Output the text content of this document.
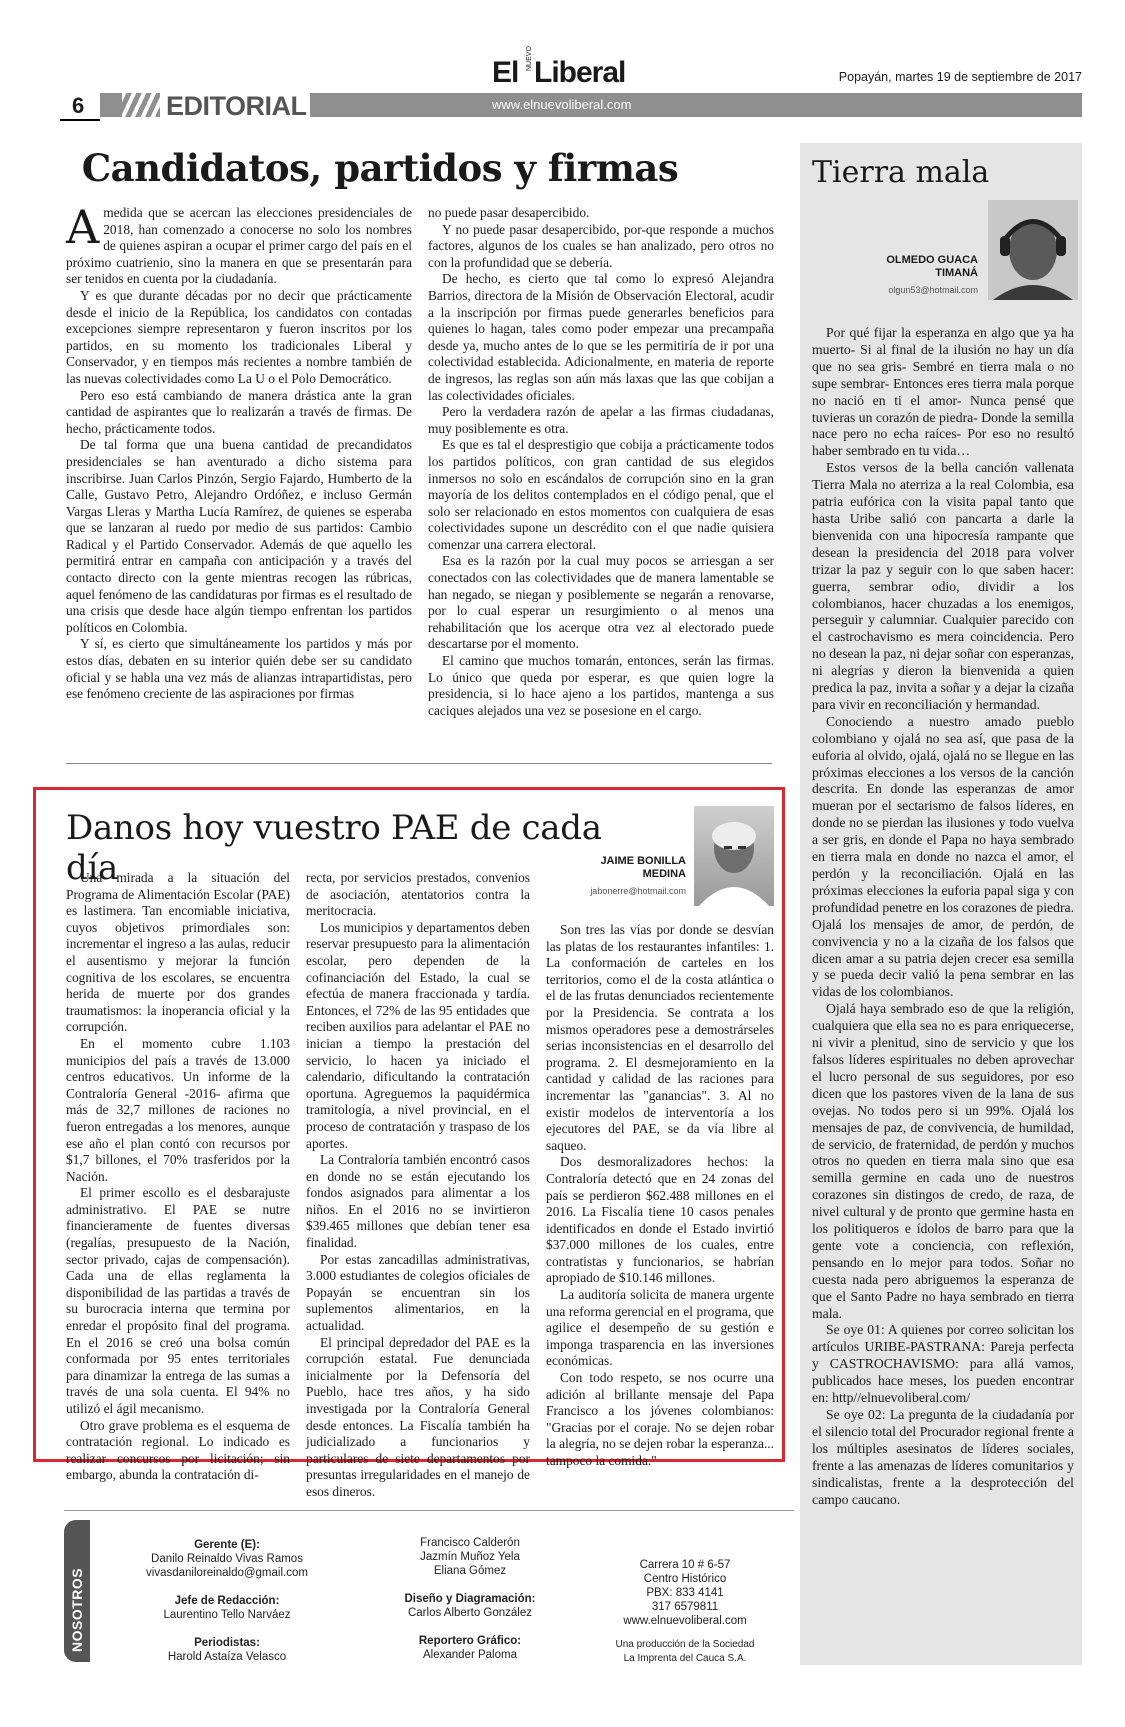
El NUEVO Liberal	Popayán, martes 19 de septiembre de 2017
6	EDITORIAL	www.elnuevoliberal.com
Candidatos, partidos y firmas
A medida que se acercan las elecciones presidenciales de 2018, han comenzado a conocerse no solo los nombres de quienes aspiran a ocupar el primer cargo del país en el próximo cuatrienio, sino la manera en que se presentarán para ser tenidos en cuenta por la ciudadanía.

Y es que durante décadas por no decir que prácticamente desde el inicio de la República, los candidatos con contadas excepciones siempre representaron y fueron inscritos por los partidos, en su momento los tradicionales Liberal y Conservador, y en tiempos más recientes a nombre también de las nuevas colectividades como La U o el Polo Democrático.

Pero eso está cambiando de manera drástica ante la gran cantidad de aspirantes que lo realizarán a través de firmas. De hecho, prácticamente todos.

De tal forma que una buena cantidad de precandidatos presidenciales se han aventurado a dicho sistema para inscribirse. Juan Carlos Pinzón, Sergio Fajardo, Humberto de la Calle, Gustavo Petro, Alejandro Ordóñez, e incluso Germán Vargas Lleras y Martha Lucía Ramírez, de quienes se esperaba que se lanzaran al ruedo por medio de sus partidos: Cambio Radical y el Partido Conservador. Además de que aquello les permitirá entrar en campaña con anticipación y a través del contacto directo con la gente mientras recogen las rúbricas, aquel fenómeno de las candidaturas por firmas es el resultado de una crisis que desde hace algún tiempo enfrentan los partidos políticos en Colombia.

Y sí, es cierto que simultáneamente los partidos y más por estos días, debaten en su interior quién debe ser su candidato oficial y se habla una vez más de alianzas intrapartidistas, pero ese fenómeno creciente de las aspiraciones por firmas

no puede pasar desapercibido.

Y no puede pasar desapercibido, por-que responde a muchos factores, algunos de los cuales se han analizado, pero otros no con la profundidad que se debería.

De hecho, es cierto que tal como lo expresó Alejandra Barrios, directora de la Misión de Observación Electoral, acudir a la inscripción por firmas puede generarles beneficios para quienes lo hagan, tales como poder empezar una precampaña desde ya, mucho antes de lo que se les permitiría de ir por una colectividad establecida. Adicionalmente, en materia de reporte de ingresos, las reglas son aún más laxas que las que cobijan a las colectividades oficiales.

Pero la verdadera razón de apelar a las firmas ciudadanas, muy posiblemente es otra.

Es que es tal el desprestigio que cobija a prácticamente todos los partidos políticos, con gran cantidad de sus elegidos inmersos no solo en escándalos de corrupción sino en la gran mayoría de los delitos contemplados en el código penal, que el solo ser relacionado en estos momentos con cualquiera de esas colectividades supone un descrédito con el que nadie quisiera comenzar una carrera electoral.

Esa es la razón por la cual muy pocos se arriesgan a ser conectados con las colectividades que de manera lamentable se han negado, se niegan y posiblemente se negarán a renovarse, por lo cual esperar un resurgimiento o al menos una rehabilitación que los acerque otra vez al electorado puede descartarse por el momento.

El camino que muchos tomarán, entonces, serán las firmas. Lo único que queda por esperar, es que quien logre la presidencia, si lo hace ajeno a los partidos, mantenga a sus caciques alejados una vez se posesione en el cargo.

Danos hoy vuestro PAE de cada día	JAIME BONILLA
MEDINA
jabonerre@hotmail.com

Una mirada a la situación del Programa de Alimentación Escolar (PAE) es lastimera. Tan encomiable iniciativa, cuyos objetivos primordiales son: incrementar el ingreso a las aulas, reducir el ausentismo y mejorar la función cognitiva de los escolares, se encuentra herida de muerte por dos grandes traumatismos: la inoperancia oficial y la corrupción.

En el momento cubre 1.103 municipios del país a través de 13.000 centros educativos. Un informe de la Contraloría General -2016- afirma que más de 32,7 millones de raciones no fueron entregadas a los menores, aunque ese año el plan contó con recursos por $1,7 billones, el 70% trasferidos por la Nación.

El primer escollo es el desbarajuste administrativo. El PAE se nutre financieramente de fuentes diversas (regalías, presupuesto de la Nación, sector privado, cajas de compensación). Cada una de ellas reglamenta la disponibilidad de las partidas a través de su burocracia interna que termina por enredar el propósito final del programa. En el 2016 se creó una bolsa común conformada por 95 entes territoriales para dinamizar la entrega de las sumas a través de una sola cuenta. El 94% no utilizó el ágil mecanismo.

Otro grave problema es el esquema de contratación regional. Lo indicado es realizar concursos por licitación; sin embargo, abunda la contratación di-

recta, por servicios prestados, convenios de asociación, atentatorios contra la meritocracia.

Los municipios y departamentos deben reservar presupuesto para la alimentación escolar, pero dependen de la cofinanciación del Estado, la cual se efectúa de manera fraccionada y tardía. Entonces, el 72% de las 95 entidades que reciben auxilios para adelantar el PAE no inician a tiempo la prestación del servicio, lo hacen ya iniciado el calendario, dificultando la contratación oportuna. Agreguemos la paquidérmica tramitología, a nivel provincial, en el proceso de contratación y traspaso de los aportes.

La Contraloría también encontró casos en donde no se están ejecutando los fondos asignados para alimentar a los niños. En el 2016 no se invirtieron $39.465 millones que debían tener esa finalidad.

Por estas zancadillas administrativas, 3.000 estudiantes de colegios oficiales de Popayán se encuentran sin los suplementos alimentarios, en la actualidad.

El principal depredador del PAE es la corrupción estatal. Fue denunciada inicialmente por la Defensoría del Pueblo, hace tres años, y ha sido investigada por la Contraloría General desde entonces. La Fiscalía también ha judicializado a funcionarios y particulares de siete departamentos por presuntas irregularidades en el manejo de esos dineros.

Son tres las vías por donde se desvían las platas de los restaurantes infantiles: 1. La conformación de carteles en los territorios, como el de la costa atlántica o el de las frutas denunciados recientemente por la Presidencia. Se contrata a los mismos operadores pese a demostrárseles serias inconsistencias en el desarrollo del programa. 2. El desmejoramiento en la cantidad y calidad de las raciones para incrementar las "ganancias". 3. Al no existir modelos de interventoría a los ejecutores del PAE, se da vía libre al saqueo.

Dos desmoralizadores hechos: la Contraloría detectó que en 24 zonas del país se perdieron $62.488 millones en el 2016. La Fiscalía tiene 10 casos penales identificados en donde el Estado invirtió $37.000 millones de los cuales, entre contratistas y funcionarios, se habrían apropiado de $10.146 millones.

La auditoría solicita de manera urgente una reforma gerencial en el programa, que agilice el desempeño de su gestión e imponga trasparencia en las inversiones económicas.

Con todo respeto, se nos ocurre una adición al brillante mensaje del Papa Francisco a los jóvenes colombianos: "Gracias por el coraje. No se dejen robar la alegría, no se dejen robar la esperanza... tampoco la comida."

Tierra mala
OLMEDO GUACA
TIMANÁ
olgun53@hotmail.com

Por qué fijar la esperanza en algo que ya ha muerto- Si al final de la ilusión no hay un día que no sea gris- Sembré en tierra mala o no supe sembrar- Entonces eres tierra mala porque no nació en ti el amor- Nunca pensé que tuvieras un corazón de piedra- Donde la semilla nace pero no echa raíces- Por eso no resultó haber sembrado en tu vida…

Estos versos de la bella canción vallenata Tierra Mala no aterriza a la real Colombia, esa patria eufórica con la visita papal tanto que hasta Uribe salió con pancarta a darle la bienvenida con una hipocresía rampante que desean la presidencia del 2018 para volver trizar la paz y seguir con lo que saben hacer: guerra, sembrar odio, dividir a los colombianos, hacer chuzadas a los enemigos, perseguir y calumniar. Cualquier parecido con el castrochavismo es mera coincidencia. Pero no desean la paz, ni dejar soñar con esperanzas, ni alegrías y dieron la bienvenida a quien predica la paz, invita a soñar y a dejar la cizaña para vivir en reconciliación y hermandad.

Conociendo a nuestro amado pueblo colombiano y ojalá no sea así, que pasa de la euforia al olvido, ojalá, ojalá no se llegue en las próximas elecciones a los versos de la canción descrita. En donde las esperanzas de amor mueran por el sectarismo de falsos líderes, en donde no se pierdan las ilusiones y todo vuelva a ser gris, en donde el Papa no haya sembrado en tierra mala en donde no nazca el amor, el perdón y la reconciliación. Ojalá en las próximas elecciones la euforia papal siga y con profundidad penetre en los corazones de piedra. Ojalá los mensajes de amor, de perdón, de convivencia y no a la cizaña de los falsos que dicen amar a su patria dejen crecer esa semilla y se pueda decir valió la pena sembrar en las vidas de los colombianos.

Ojalá haya sembrado eso de que la religión, cualquiera que ella sea no es para enriquecerse, ni vivir a plenitud, sino de servicio y que los falsos líderes espirituales no deben aprovechar el lucro personal de sus seguidores, por eso dicen que los pastores viven de la lana de sus ovejas. No todos pero si un 99%. Ojalá los mensajes de paz, de convivencia, de humildad, de servicio, de fraternidad, de perdón y muchos otros no queden en tierra mala sino que esa semilla germine en cada uno de nuestros corazones sin distingos de credo, de raza, de nivel cultural y de pronto que germine hasta en los politiqueros e ídolos de barro para que la gente vote a conciencia, con reflexión, pensando en lo mejor para todos. Soñar no cuesta nada pero abriguemos la esperanza de que el Santo Padre no haya sembrado en tierra mala.

Se oye 01: A quienes por correo solicitan los artículos URIBE-PASTRANA: Pareja perfecta y CASTROCHAVISMO: para allá vamos, publicados hace meses, los pueden encontrar en: http//elnuevoliberal.com/

Se oye 02: La pregunta de la ciudadanía por el silencio total del Procurador regional frente a los múltiples asesinatos de líderes sociales, frente a las amenazas de líderes comunitarios y sindicalistas, frente a la desprotección del campo caucano.

NOSOTROS
Gerente (E):
Danilo Reinaldo Vivas Ramos
vivasdaniloreinaldo@gmail.com
Jefe de Redacción:
Laurentino Tello Narváez
Periodistas:
Harold Astaíza Velasco
Francisco Calderón
Jazmín Muñoz Yela
Eliana Gómez
Diseño y Diagramación:
Carlos Alberto González
Reportero Gráfico:
Alexander Paloma
Carrera 10 # 6-57
Centro Histórico
PBX: 833 4141
317 6579811
www.elnuevoliberal.com
Una producción de la Sociedad
La Imprenta del Cauca S.A.
